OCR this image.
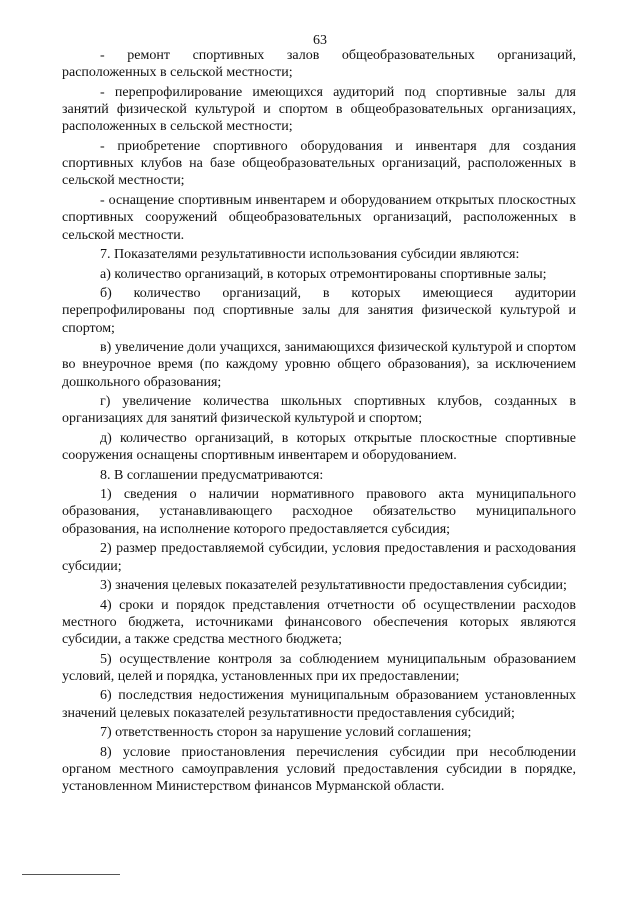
63

- ремонт спортивных залов общеобразовательных организаций, расположенных в сельской местности;

- перепрофилирование имеющихся аудиторий под спортивные залы для занятий физической культурой и спортом в общеобразовательных организациях, расположенных в сельской местности;

- приобретение спортивного оборудования и инвентаря для создания спортивных клубов на базе общеобразовательных организаций, расположенных в сельской местности;

- оснащение спортивным инвентарем и оборудованием открытых плоскостных спортивных сооружений общеобразовательных организаций, расположенных в сельской местности.

7. Показателями результативности использования субсидии являются:

а) количество организаций, в которых отремонтированы спортивные залы;

б) количество организаций, в которых имеющиеся аудитории перепрофилированы под спортивные залы для занятия физической культурой и спортом;

в) увеличение доли учащихся, занимающихся физической культурой и спортом во внеурочное время (по каждому уровню общего образования), за исключением дошкольного образования;

г) увеличение количества школьных спортивных клубов, созданных в организациях для занятий физической культурой и спортом;

д) количество организаций, в которых открытые плоскостные спортивные сооружения оснащены спортивным инвентарем и оборудованием.

8. В соглашении предусматриваются:

1) сведения о наличии нормативного правового акта муниципального образования, устанавливающего расходное обязательство муниципального образования, на исполнение которого предоставляется субсидия;

2) размер предоставляемой субсидии, условия предоставления и расходования субсидии;

3) значения целевых показателей результативности предоставления субсидии;

4) сроки и порядок представления отчетности об осуществлении расходов местного бюджета, источниками финансового обеспечения которых являются субсидии, а также средства местного бюджета;

5) осуществление контроля за соблюдением муниципальным образованием условий, целей и порядка, установленных при их предоставлении;

6) последствия недостижения муниципальным образованием установленных значений целевых показателей результативности предоставления субсидий;

7) ответственность сторон за нарушение условий соглашения;

8) условие приостановления перечисления субсидии при несоблюдении органом местного самоуправления условий предоставления субсидии в порядке, установленном Министерством финансов Мурманской области.
